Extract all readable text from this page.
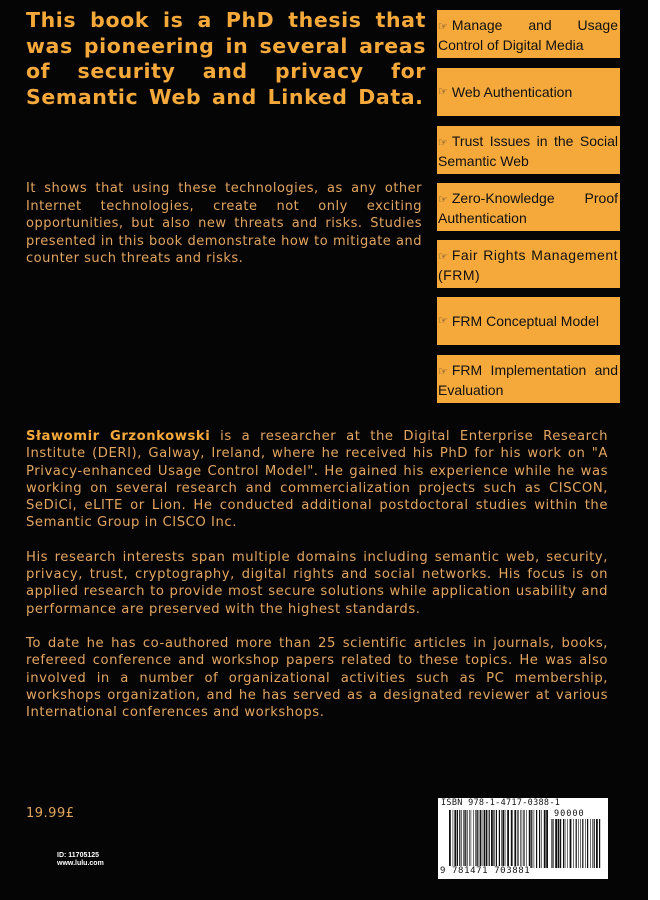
This book is a PhD thesis that was pioneering in several areas of security and privacy for Semantic Web and Linked Data.
It shows that using these technologies, as any other Internet technologies, create not only exciting opportunities, but also new threats and risks. Studies presented in this book demonstrate how to mitigate and counter such threats and risks.
☞ Manage and Usage Control of Digital Media
☞ Web Authentication
☞ Trust Issues in the Social Semantic Web
☞ Zero-Knowledge Proof Authentication
☞ Fair Rights Management (FRM)
☞ FRM Conceptual Model
☞ FRM Implementation and Evaluation

Sławomir Grzonkowski is a researcher at the Digital Enterprise Research Institute (DERI), Galway, Ireland, where he received his PhD for his work on "A Privacy-enhanced Usage Control Model". He gained his experience while he was working on several research and commercialization projects such as CISCON, SeDiCi, eLITE or Lion. He conducted additional postdoctoral studies within the Semantic Group in CISCO Inc.

His research interests span multiple domains including semantic web, security, privacy, trust, cryptography, digital rights and social networks. His focus is on applied research to provide most secure solutions while application usability and performance are preserved with the highest standards.

To date he has co-authored more than 25 scientific articles in journals, books, refereed conference and workshop papers related to these topics. He was also involved in a number of organizational activities such as PC membership, workshops organization, and he has served as a designated reviewer at various International conferences and workshops.

19.99£
ID: 11705125
www.lulu.com
ISBN 978-1-4717-0388-1
90000
9 781471 703881
